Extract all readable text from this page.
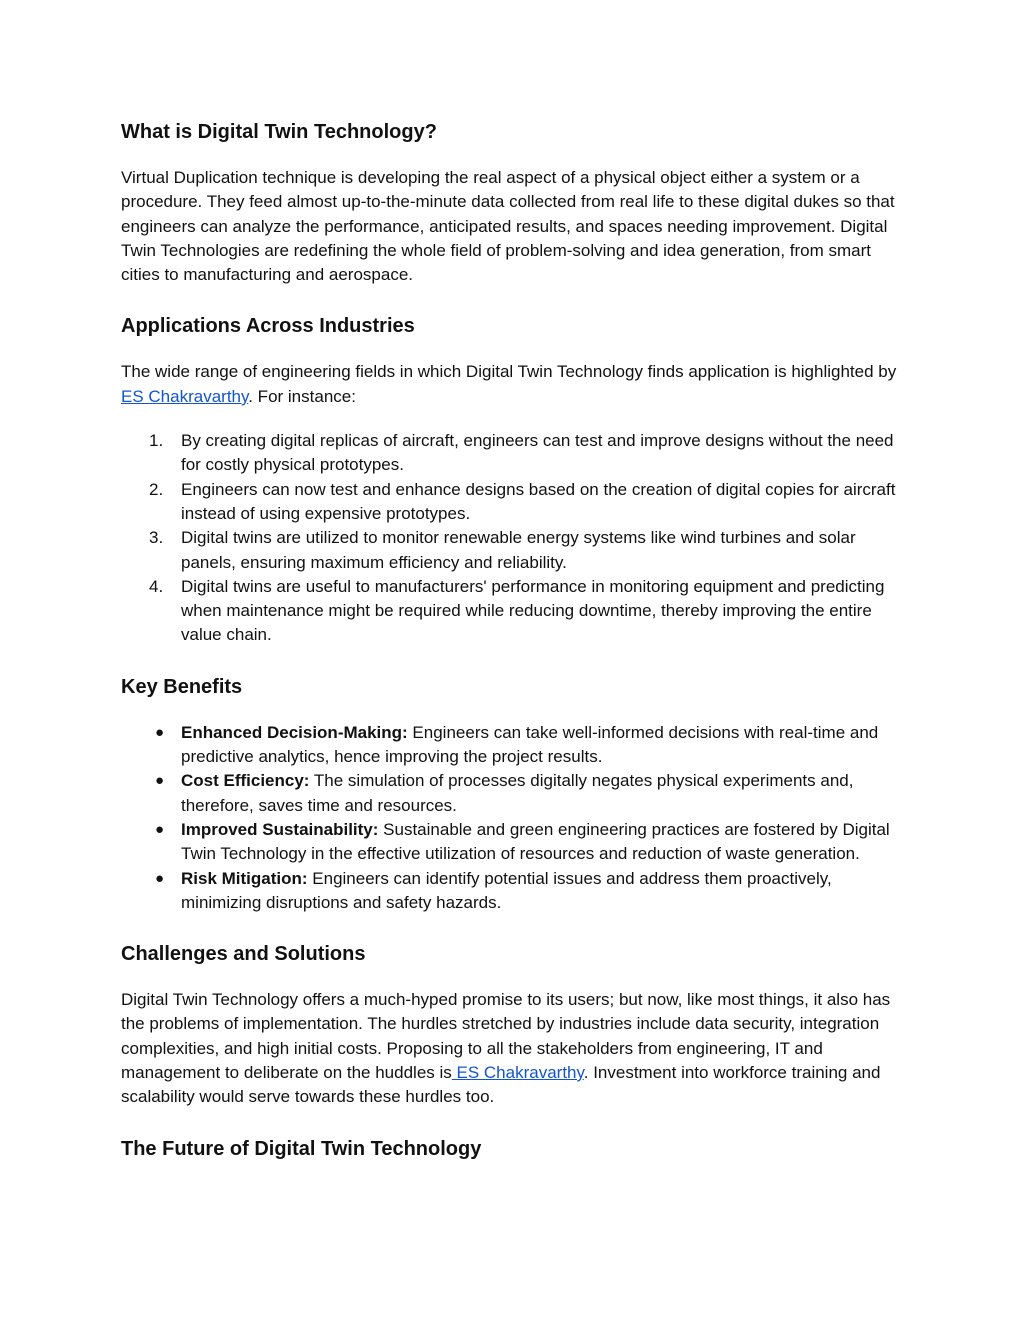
What is Digital Twin Technology?

Virtual Duplication technique is developing the real aspect of a physical object either a system or a procedure. They feed almost up-to-the-minute data collected from real life to these digital dukes so that engineers can analyze the performance, anticipated results, and spaces needing improvement. Digital Twin Technologies are redefining the whole field of problem-solving and idea generation, from smart cities to manufacturing and aerospace.

Applications Across Industries

The wide range of engineering fields in which Digital Twin Technology finds application is highlighted by ES Chakravarthy. For instance:

1.	By creating digital replicas of aircraft, engineers can test and improve designs without the need for costly physical prototypes.
2.	Engineers can now test and enhance designs based on the creation of digital copies for aircraft instead of using expensive prototypes.
3.	Digital twins are utilized to monitor renewable energy systems like wind turbines and solar panels, ensuring maximum efficiency and reliability.
4.	Digital twins are useful to manufacturers' performance in monitoring equipment and predicting when maintenance might be required while reducing downtime, thereby improving the entire value chain.
Key Benefits
● Enhanced Decision-Making: Engineers can take well-informed decisions with real-time and predictive analytics, hence improving the project results.
● Cost Efficiency: The simulation of processes digitally negates physical experiments and, therefore, saves time and resources.
● Improved Sustainability: Sustainable and green engineering practices are fostered by Digital Twin Technology in the effective utilization of resources and reduction of waste generation.
● Risk Mitigation: Engineers can identify potential issues and address them proactively, minimizing disruptions and safety hazards.
Challenges and Solutions

Digital Twin Technology offers a much-hyped promise to its users; but now, like most things, it also has the problems of implementation. The hurdles stretched by industries include data security, integration complexities, and high initial costs. Proposing to all the stakeholders from engineering, IT and management to deliberate on the huddles is ES Chakravarthy. Investment into workforce training and scalability would serve towards these hurdles too.

The Future of Digital Twin Technology
